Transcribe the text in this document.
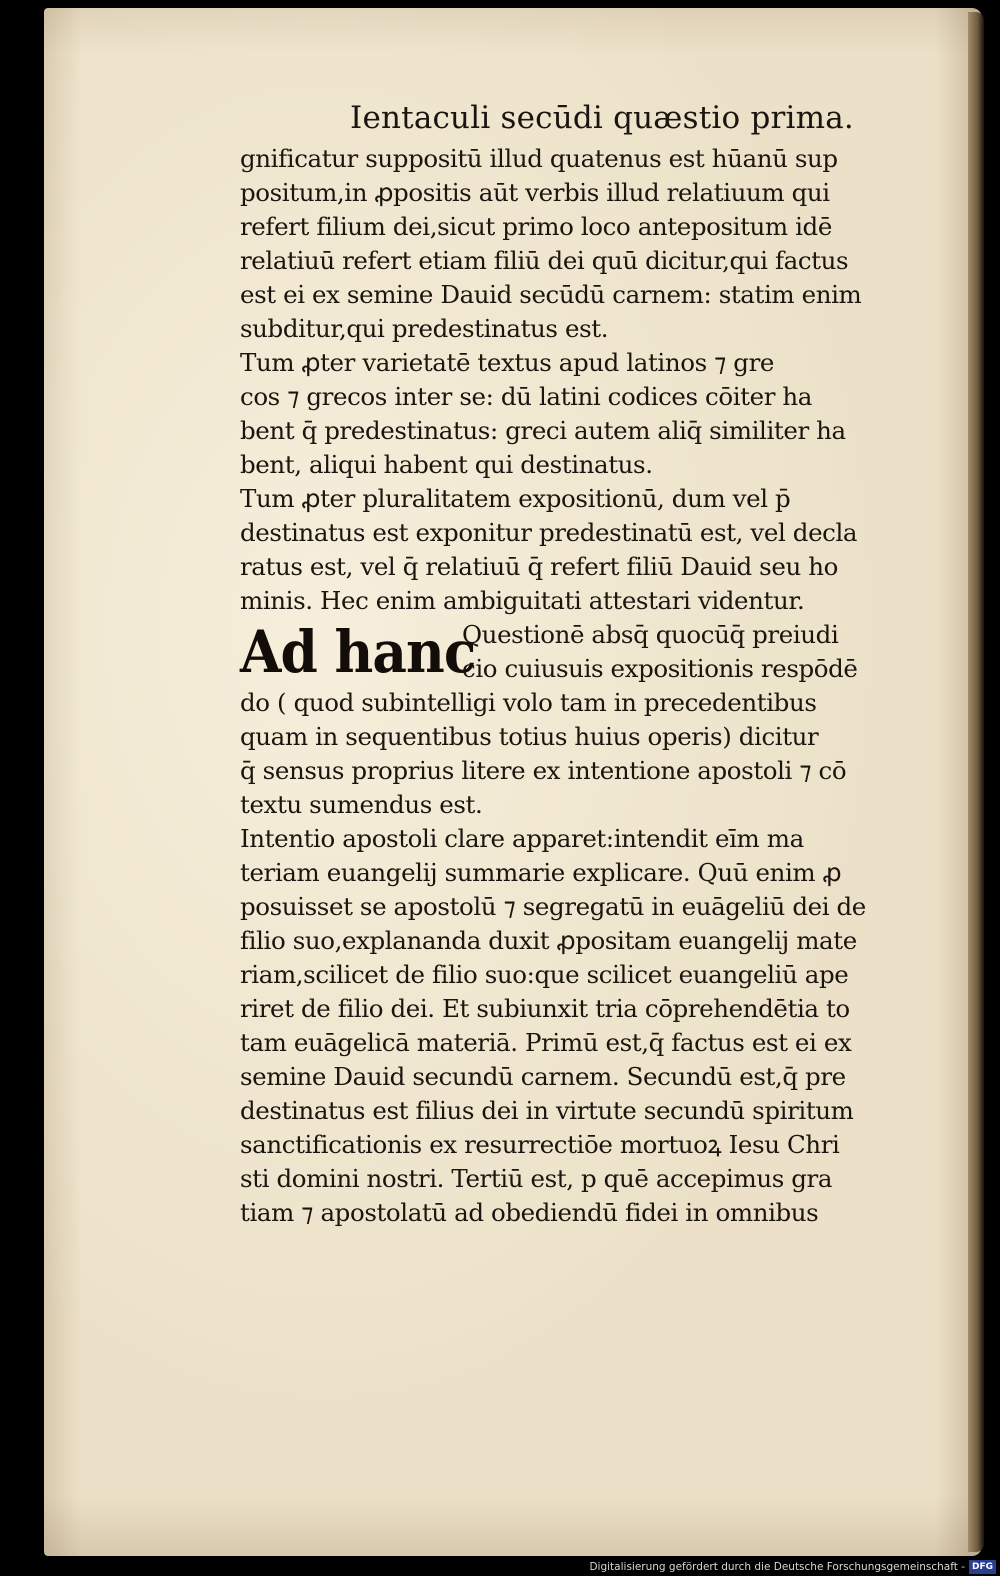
Ientaculi secūdi quæstio prima.
gnificatur suppositū illud quatenus est hūanū sup
positum,in ꝓpositis aūt verbis illud relatiuum qui
refert filium dei,sicut primo loco antepositum idē
relatiuū refert etiam filiū dei quū dicitur,qui factus
est ei ex semine Dauid secūdū carnem: statim enim
subditur,qui predestinatus est.
Tum ꝓter varietatē textus apud latinos ⁊ gre
cos ⁊ grecos inter se: dū latini codices cōiter ha
bent q̄ predestinatus: greci autem aliq̄ similiter ha
bent, aliqui habent qui destinatus.
Tum ꝓter pluralitatem expositionū, dum vel p̄
destinatus est exponitur predestinatū est, vel decla
ratus est, vel q̄ relatiuū q̄ refert filiū Dauid seu ho
minis. Hec enim ambiguitati attestari videntur.
Ad hanc
Questionē absq̄ quocūq̄ preiudi
cio cuiusuis expositionis respōdē
do ( quod subintelligi volo tam in precedentibus
quam in sequentibus totius huius operis) dicitur
q̄ sensus proprius litere ex intentione apostoli ⁊ cō
textu sumendus est.
Intentio apostoli clare apparet:intendit eīm ma
teriam euangelij summarie explicare. Quū enim ꝓ
posuisset se apostolū ⁊ segregatū in euāgeliū dei de
filio suo,explananda duxit ꝓpositam euangelij mate
riam,scilicet de filio suo:que scilicet euangeliū ape
riret de filio dei. Et subiunxit tria cōprehendētia to
tam euāgelicā materiā. Primū est,q̄ factus est ei ex
semine Dauid secundū carnem. Secundū est,q̄ pre
destinatus est filius dei in virtute secundū spiritum
sanctificationis ex resurrectiōe mortuoꝝ Iesu Chri
sti domini nostri. Tertiū est, p quē accepimus gra
tiam ⁊ apostolatū ad obediendū fidei in omnibus
Digitalisierung gefördert durch die Deutsche Forschungsgemeinschaft - DFG
